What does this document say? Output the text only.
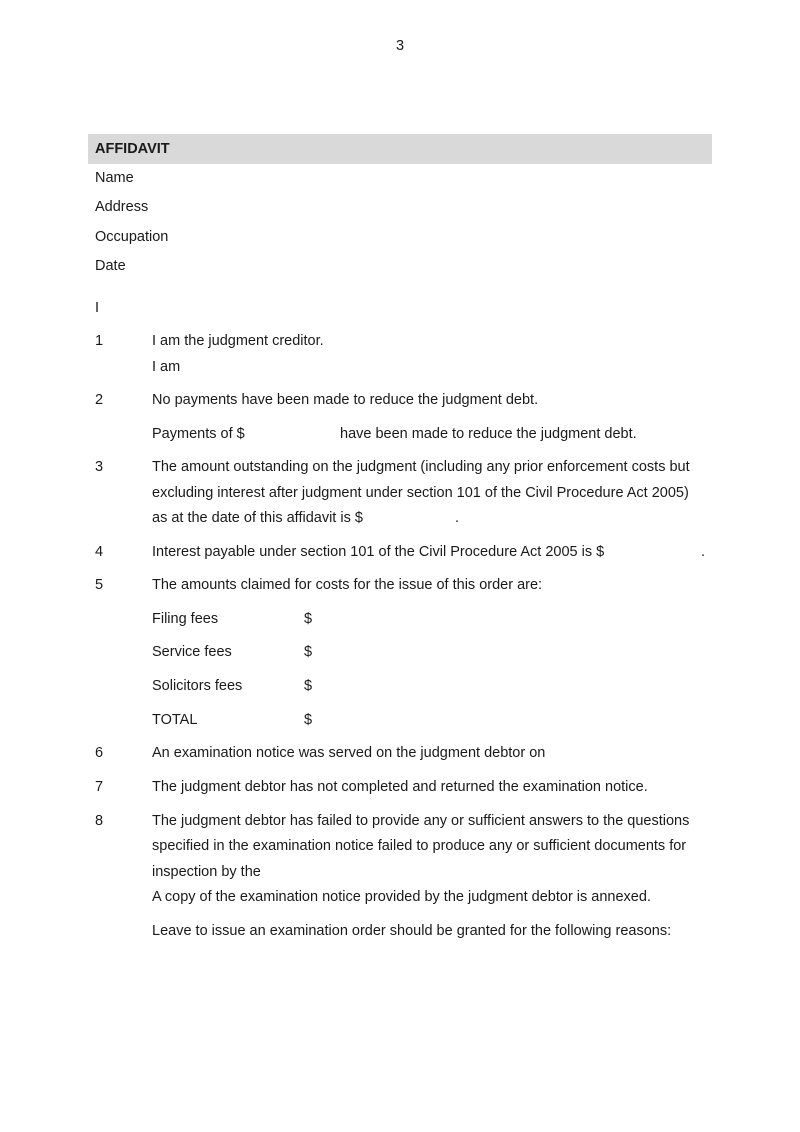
3
AFFIDAVIT
Name
Address
Occupation
Date
I
1	I am the judgment creditor.
I am
2	No payments have been made to reduce the judgment debt.
Payments of $	have been made to reduce the judgment debt.
3	The amount outstanding on the judgment (including any prior enforcement costs but
excluding interest after judgment under section 101 of the Civil Procedure Act 2005)
as at the date of this affidavit is $	.
4	Interest payable under section 101 of the Civil Procedure Act 2005 is $	.
5	The amounts claimed for costs for the issue of this order are:
Filing fees	$
Service fees	$
Solicitors fees	$
TOTAL	$
6	An examination notice was served on the judgment debtor on
7	The judgment debtor has not completed and returned the examination notice.
8	The judgment debtor has failed to provide any or sufficient answers to the questions
specified in the examination notice failed to produce any or sufficient documents for
inspection by the
A copy of the examination notice provided by the judgment debtor is annexed.
Leave to issue an examination order should be granted for the following reasons:
